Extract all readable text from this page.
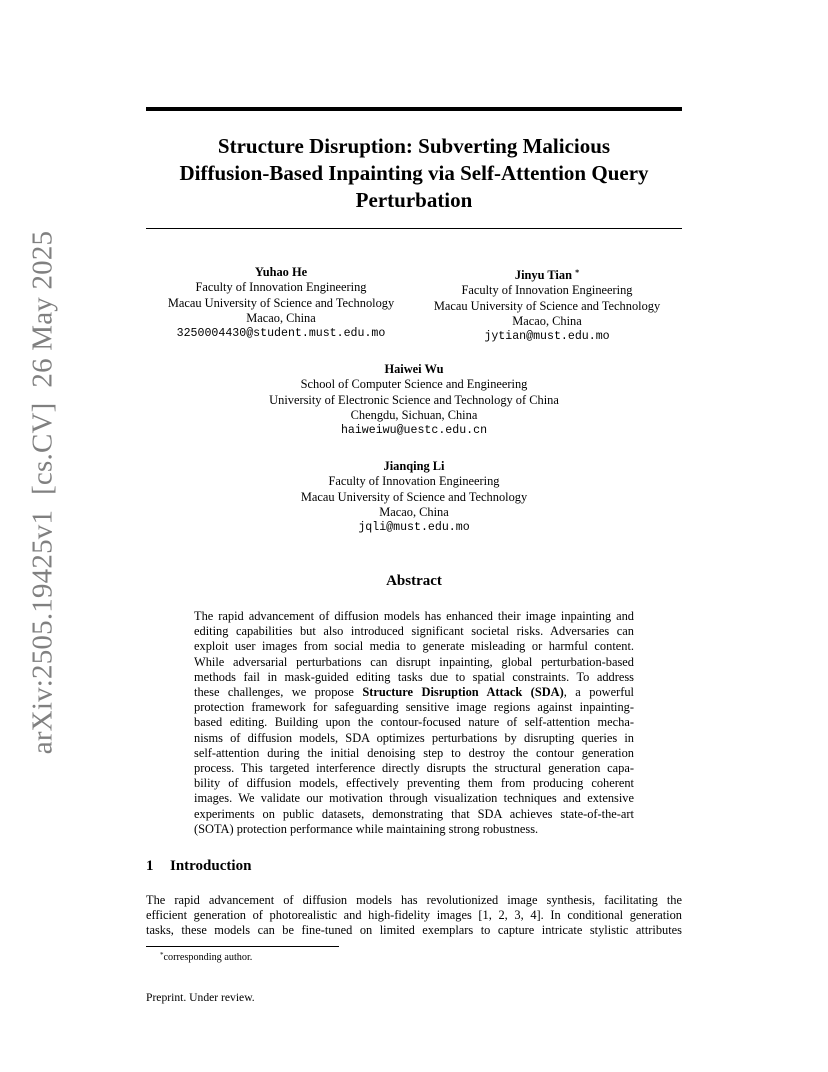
arXiv:2505.19425v1  [cs.CV]  26 May 2025
Structure Disruption: Subverting Malicious
Diffusion-Based Inpainting via Self-Attention Query
Perturbation
Yuhao He
Faculty of Innovation Engineering
Macau University of Science and Technology
Macao, China
3250004430@student.must.edu.mo
Jinyu Tian *
Faculty of Innovation Engineering
Macau University of Science and Technology
Macao, China
jytian@must.edu.mo
Haiwei Wu
School of Computer Science and Engineering
University of Electronic Science and Technology of China
Chengdu, Sichuan, China
haiweiwu@uestc.edu.cn
Jianqing Li
Faculty of Innovation Engineering
Macau University of Science and Technology
Macao, China
jqli@must.edu.mo
Abstract
The rapid advancement of diffusion models has enhanced their image inpainting and
editing capabilities but also introduced significant societal risks. Adversaries can
exploit user images from social media to generate misleading or harmful content.
While adversarial perturbations can disrupt inpainting, global perturbation-based
methods fail in mask-guided editing tasks due to spatial constraints. To address
these challenges, we propose Structure Disruption Attack (SDA), a powerful
protection framework for safeguarding sensitive image regions against inpainting-
based editing. Building upon the contour-focused nature of self-attention mecha-
nisms of diffusion models, SDA optimizes perturbations by disrupting queries in
self-attention during the initial denoising step to destroy the contour generation
process. This targeted interference directly disrupts the structural generation capa-
bility of diffusion models, effectively preventing them from producing coherent
images. We validate our motivation through visualization techniques and extensive
experiments on public datasets, demonstrating that SDA achieves state-of-the-art
(SOTA) protection performance while maintaining strong robustness.
1 Introduction
The rapid advancement of diffusion models has revolutionized image synthesis, facilitating the
efficient generation of photorealistic and high-fidelity images [1, 2, 3, 4]. In conditional generation
tasks, these models can be fine-tuned on limited exemplars to capture intricate stylistic attributes
*corresponding author.
Preprint. Under review.
